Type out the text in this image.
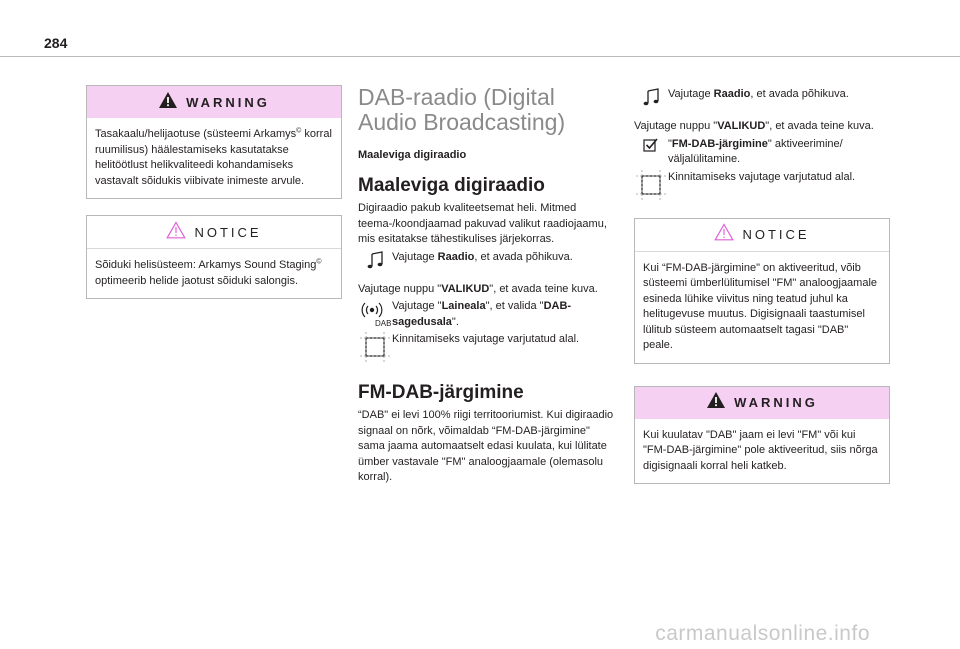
284
WARNING
Tasakaalu/helijaotuse (süsteemi Arkamys© korral ruumilisus) häälestamiseks kasutatakse helitöötlust helikvaliteedi kohandamiseks vastavalt sõidukis viibivate inimeste arvule.
NOTICE
Sõiduki helisüsteem: Arkamys Sound Staging© optimeerib helide jaotust sõiduki salongis.
DAB-raadio (Digital Audio Broadcasting)
Maaleviga digiraadio
Maaleviga digiraadio

Digiraadio pakub kvaliteetsemat heli. Mitmed teema-/koondjaamad pakuvad valikut raadiojaamu, mis esitatakse tähestikulises järjekorras.

Vajutage Raadio, et avada põhikuva.

Vajutage nuppu "VALIKUD", et avada teine kuva.

DAB

Vajutage "Laineala", et valida "DAB-sagedusala".

Kinnitamiseks vajutage varjutatud alal.

FM-DAB-järgimine

“DAB" ei levi 100% riigi territooriumist. Kui digiraadio signaal on nõrk, võimaldab “FM-DAB-järgimine" sama jaama automaatselt edasi kuulata, kui lülitate ümber vastavale "FM" analoogjaamale (olemasolu korral).

Vajutage Raadio, et avada põhikuva.

Vajutage nuppu "VALIKUD", et avada teine kuva.

"FM-DAB-järgimine" aktiveerimine/ väljalülitamine.

Kinnitamiseks vajutage varjutatud alal.

NOTICE
Kui “FM-DAB-järgimine" on aktiveeritud, võib süsteemi ümberlülitumisel "FM" analoogjaamale esineda lühike viivitus ning teatud juhul ka helitugevuse muutus. Digisignaali taastumisel lülitub süsteem automaatselt tagasi "DAB" peale.
WARNING
Kui kuulatav "DAB" jaam ei levi "FM" või kui "FM-DAB-järgimine" pole aktiveeritud, siis nõrga digisignaali korral heli katkeb.
carmanualsonline.info
